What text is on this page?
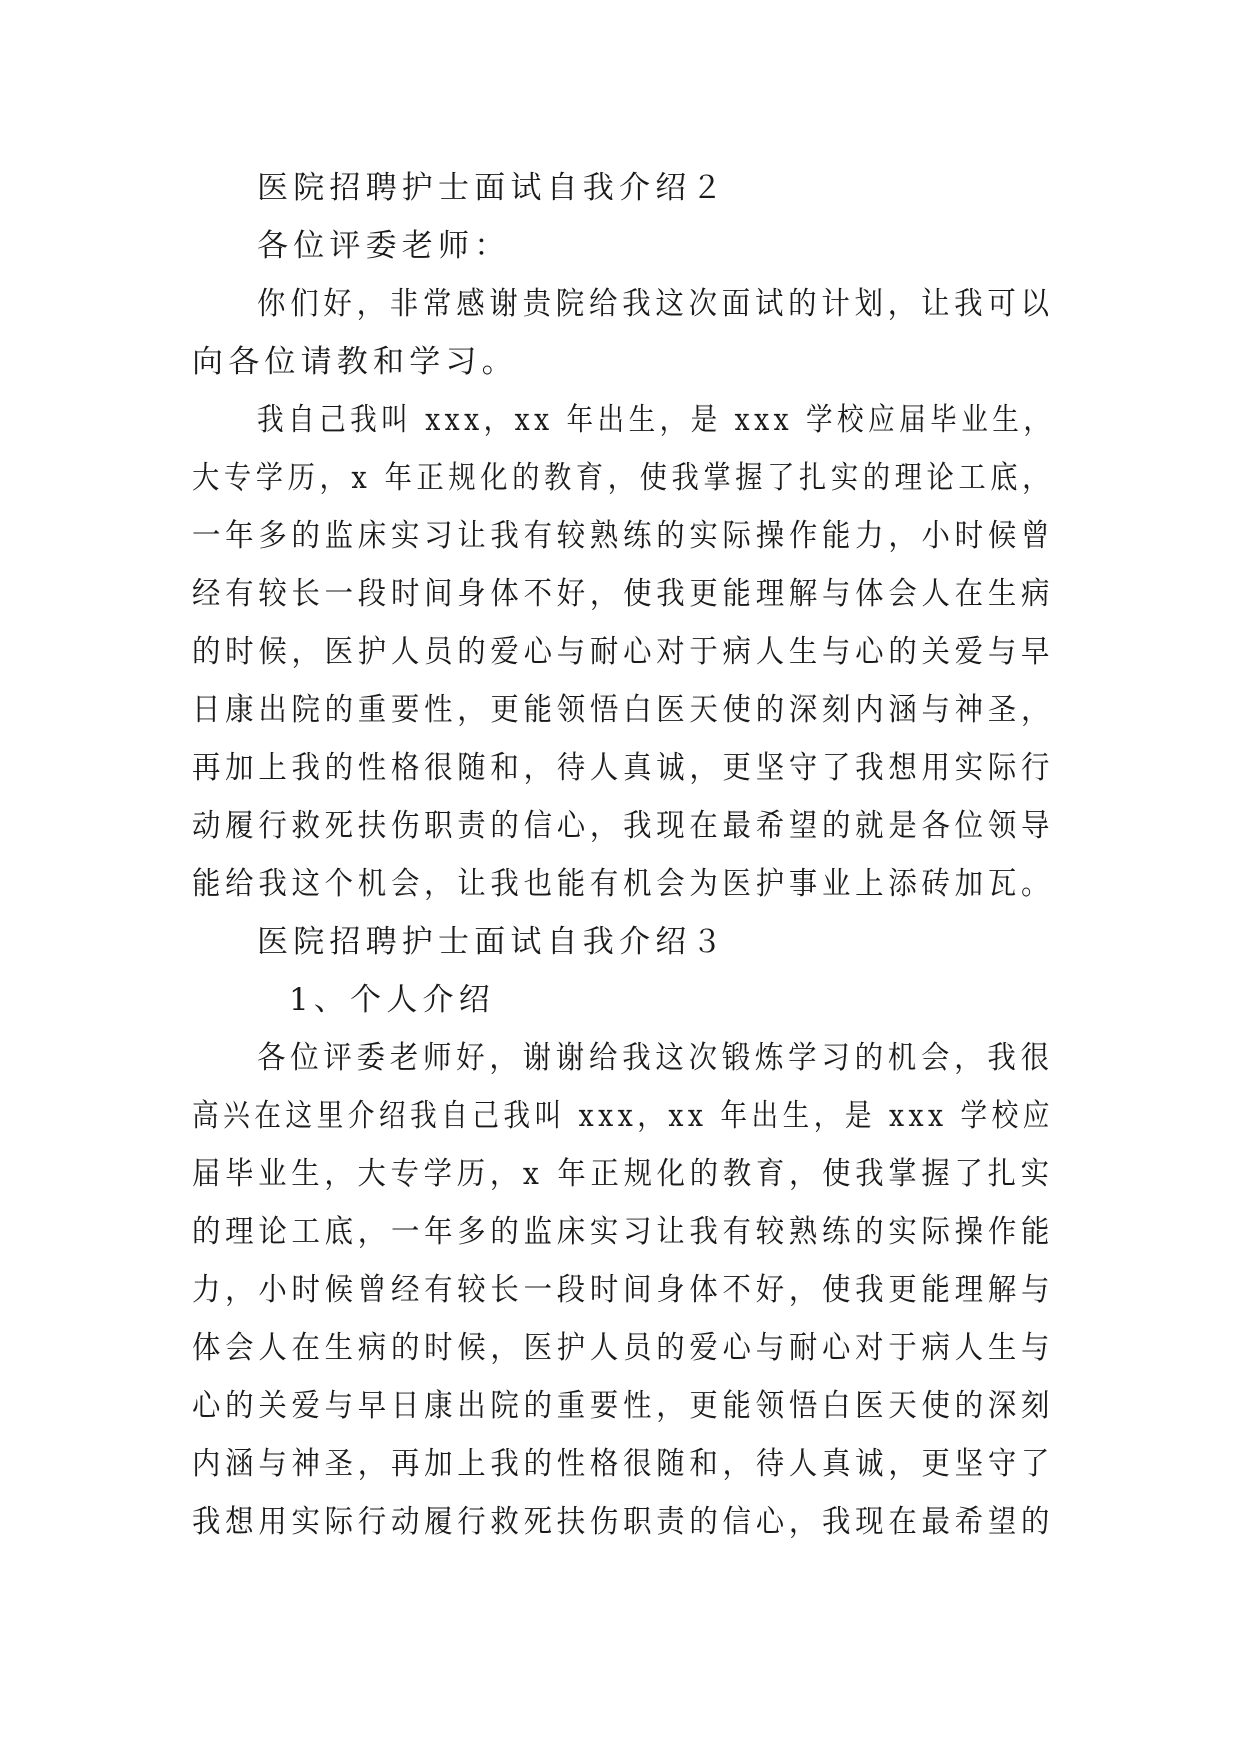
医院招聘护士面试自我介绍２

各位评委老师：

你们好，非常感谢贵院给我这次面试的计划，让我可以

向各位请教和学习。

我自己我叫 xxx，xx 年出生，是 xxx 学校应届毕业生，

大专学历，x 年正规化的教育，使我掌握了扎实的理论工底，

一年多的监床实习让我有较熟练的实际操作能力，小时候曾

经有较长一段时间身体不好，使我更能理解与体会人在生病

的时候，医护人员的爱心与耐心对于病人生与心的关爱与早

日康出院的重要性，更能领悟白医天使的深刻内涵与神圣，

再加上我的性格很随和，待人真诚，更坚守了我想用实际行

动履行救死扶伤职责的信心，我现在最希望的就是各位领导

能给我这个机会，让我也能有机会为医护事业上添砖加瓦。

医院招聘护士面试自我介绍３

1、个人介绍

各位评委老师好，谢谢给我这次锻炼学习的机会，我很

高兴在这里介绍我自己我叫 xxx，xx 年出生，是 xxx 学校应

届毕业生，大专学历，x 年正规化的教育，使我掌握了扎实

的理论工底，一年多的监床实习让我有较熟练的实际操作能

力，小时候曾经有较长一段时间身体不好，使我更能理解与

体会人在生病的时候，医护人员的爱心与耐心对于病人生与

心的关爱与早日康出院的重要性，更能领悟白医天使的深刻

内涵与神圣，再加上我的性格很随和，待人真诚，更坚守了

我想用实际行动履行救死扶伤职责的信心，我现在最希望的
